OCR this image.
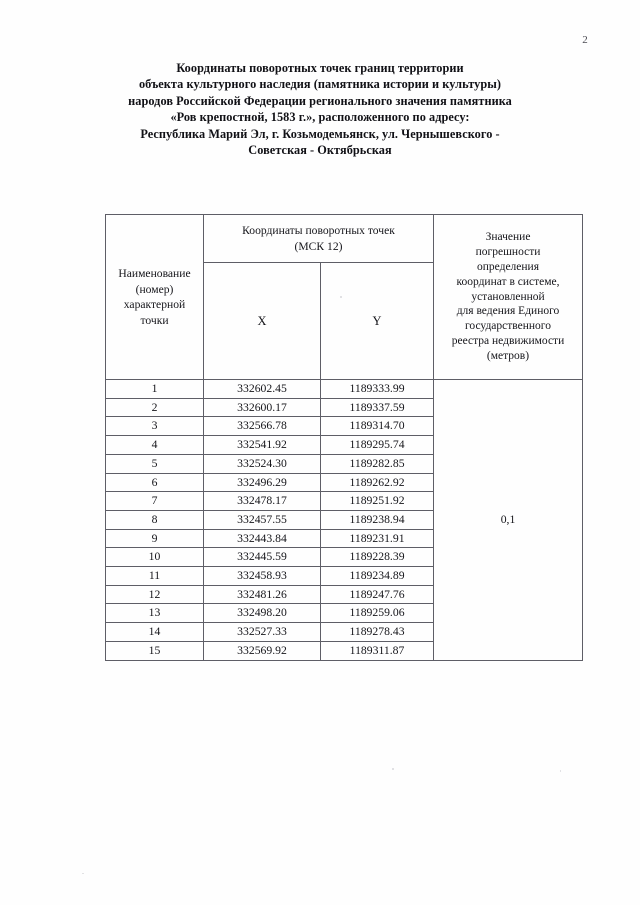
2
Координаты поворотных точек границ территории
объекта культурного наследия (памятника истории и культуры)
народов Российской Федерации регионального значения памятника
«Ров крепостной, 1583 г.», расположенного по адресу:
Республика Марий Эл, г. Козьмодемьянск, ул. Чернышевского -
Советская - Октябрьская
Наименование
(номер)
характерной
точки

Координаты поворотных точек
(МСК 12)

Значение
погрешности
определения
координат в системе,
установленной
для ведения Единого
государственного
реестра недвижимости
(метров)

	X	Y	
1	332602.45	1189333.99	0,1
2	332600.17	1189337.59	
3	332566.78	1189314.70	
4	332541.92	1189295.74	
5	332524.30	1189282.85	
6	332496.29	1189262.92	
7	332478.17	1189251.92	
8	332457.55	1189238.94	
9	332443.84	1189231.91	
10	332445.59	1189228.39	
11	332458.93	1189234.89	
12	332481.26	1189247.76	
13	332498.20	1189259.06	
14	332527.33	1189278.43	
15	332569.92	1189311.87	
